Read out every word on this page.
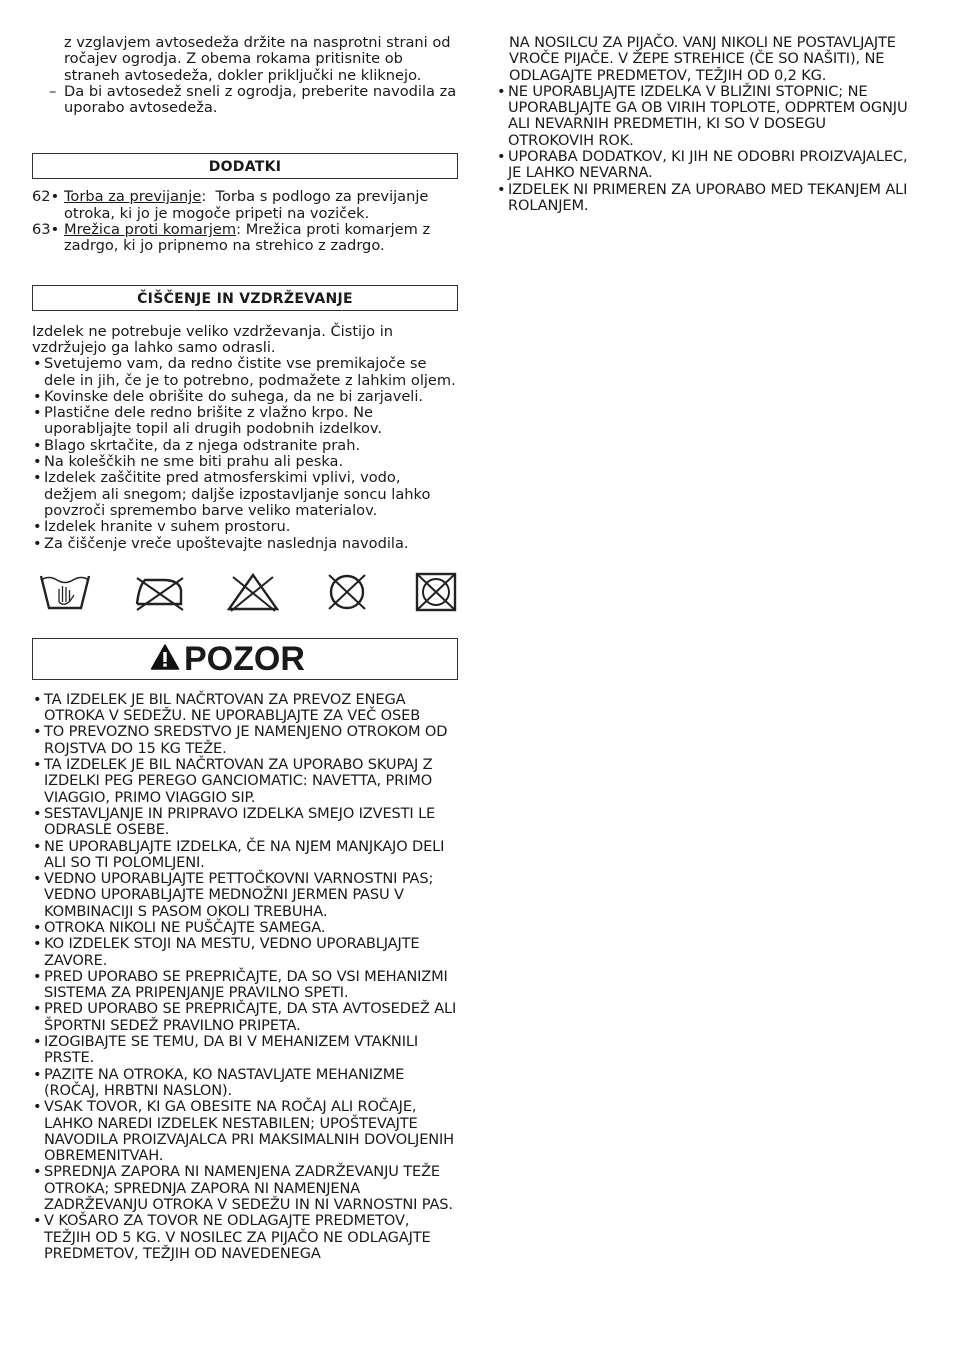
z vzglavjem avtosedeža držite na nasprotni strani od ročajev ogrodja. Z obema rokama pritisnite ob straneh avtosedeža, dokler priključki ne kliknejo.

– Da bi avtosedež sneli z ogrodja, preberite navodila za uporabo avtosedeža.

DODATKI

62• Torba za previjanje:  Torba s podlogo za previjanje otroka, ki jo je mogoče pripeti na voziček.

63• Mrežica proti komarjem: Mrežica proti komarjem z zadrgo, ki jo pripnemo na strehico z zadrgo.

ČIŠČENJE IN VZDRŽEVANJE

Izdelek ne potrebuje veliko vzdrževanja. Čistijo in vzdržujejo ga lahko samo odrasli.

• Svetujemo vam, da redno čistite vse premikajoče se dele in jih, če je to potrebno, podmažete z lahkim oljem.
• Kovinske dele obrišite do suhega, da ne bi zarjaveli.
• Plastične dele redno brišite z vlažno krpo. Ne uporabljajte topil ali drugih podobnih izdelkov.
• Blago skrtačite, da z njega odstranite prah.
• Na koleščkih ne sme biti prahu ali peska.
• Izdelek zaščitite pred atmosferskimi vplivi, vodo, dežjem ali snegom; daljše izpostavljanje soncu lahko povzroči spremembo barve veliko materialov.
• Izdelek hranite v suhem prostoru.
• Za čiščenje vreče upoštevajte naslednja navodila.
POZOR
• TA IZDELEK JE BIL NAČRTOVAN ZA PREVOZ ENEGA OTROKA V SEDEŽU. NE UPORABLJAJTE ZA VEČ OSEB
• TO PREVOZNO SREDSTVO JE NAMENJENO OTROKOM OD ROJSTVA DO 15 KG TEŽE.
• TA IZDELEK JE BIL NAČRTOVAN ZA UPORABO SKUPAJ Z IZDELKI PEG PEREGO GANCIOMATIC: NAVETTA, PRIMO VIAGGIO, PRIMO VIAGGIO SIP.
• SESTAVLJANJE IN PRIPRAVO IZDELKA SMEJO IZVESTI LE ODRASLE OSEBE.
• NE UPORABLJAJTE IZDELKA, ČE NA NJEM MANJKAJO DELI ALI SO TI POLOMLJENI.
• VEDNO UPORABLJAJTE PETTOČKOVNI VARNOSTNI PAS; VEDNO UPORABLJAJTE MEDNOŽNI JERMEN PASU V KOMBINACIJI S PASOM OKOLI TREBUHA.
• OTROKA NIKOLI NE PUŠČAJTE SAMEGA.
• KO IZDELEK STOJI NA MESTU, VEDNO UPORABLJAJTE ZAVORE.
• PRED UPORABO SE PREPRIČAJTE, DA SO VSI MEHANIZMI SISTEMA ZA PRIPENJANJE PRAVILNO SPETI.
• PRED UPORABO SE PREPRIČAJTE, DA STA AVTOSEDEŽ ALI ŠPORTNI SEDEŽ PRAVILNO PRIPETA.
• IZOGIBAJTE SE TEMU, DA BI V MEHANIZEM VTAKNILI PRSTE.
• PAZITE NA OTROKA, KO NASTAVLJATE MEHANIZME (ROČAJ, HRBTNI NASLON).
• VSAK TOVOR, KI GA OBESITE NA ROČAJ ALI ROČAJE, LAHKO NAREDI IZDELEK NESTABILEN; UPOŠTEVAJTE NAVODILA PROIZVAJALCA PRI MAKSIMALNIH DOVOLJENIH OBREMENITVAH.
• SPREDNJA ZAPORA NI NAMENJENA ZADRŽEVANJU TEŽE OTROKA; SPREDNJA ZAPORA NI NAMENJENA ZADRŽEVANJU OTROKA V SEDEŽU IN NI VARNOSTNI PAS.
• V KOŠARO ZA TOVOR NE ODLAGAJTE PREDMETOV, TEŽJIH OD 5 KG. V NOSILEC ZA PIJAČO NE ODLAGAJTE PREDMETOV, TEŽJIH OD NAVEDENEGA
NA NOSILCU ZA PIJAČO. VANJ NIKOLI NE POSTAVLJAJTE VROČE PIJAČE. V ŽEPE STREHICE (ČE SO NAŠITI), NE ODLAGAJTE PREDMETOV, TEŽJIH OD 0,2 KG.
• NE UPORABLJAJTE IZDELKA V BLIŽINI STOPNIC; NE UPORABLJAJTE GA OB VIRIH TOPLOTE, ODPRTEM OGNJU ALI NEVARNIH PREDMETIH, KI SO V DOSEGU OTROKOVIH ROK.
• UPORABA DODATKOV, KI JIH NE ODOBRI PROIZVAJALEC, JE LAHKO NEVARNA.
• IZDELEK NI PRIMEREN ZA UPORABO MED TEKANJEM ALI ROLANJEM.
